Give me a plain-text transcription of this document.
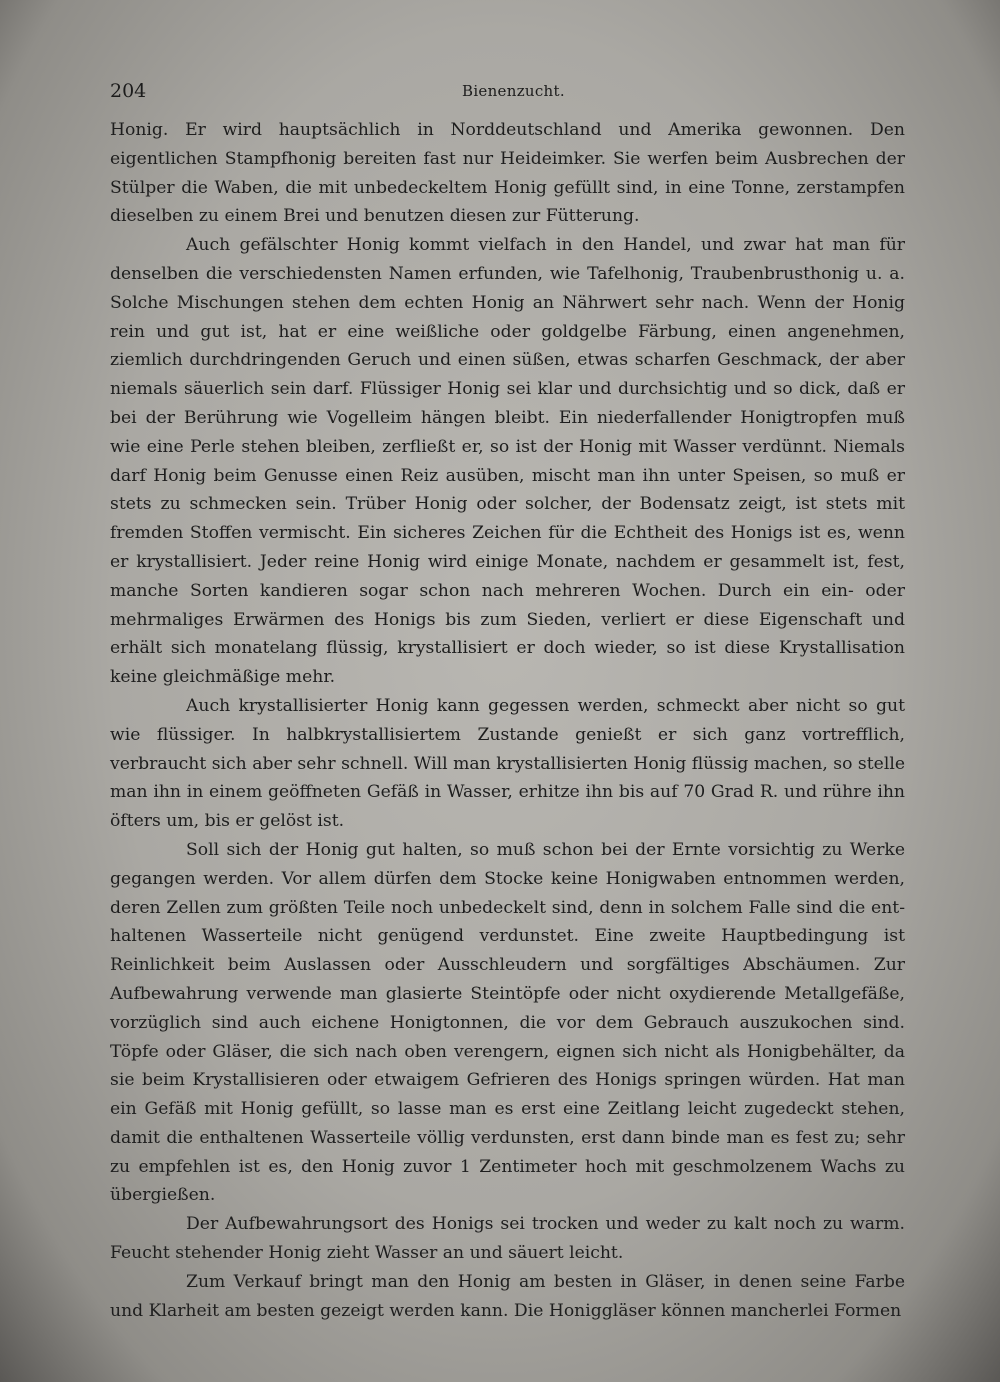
204	Bienenzucht.

Honig. Er wird hauptsächlich in Norddeutschland und Amerika gewonnen. Den eigentlichen Stampfhonig bereiten fast nur Heideimker. Sie werfen beim Ausbrechen der Stülper die Waben, die mit unbedeckeltem Honig gefüllt sind, in eine Tonne, zerstampfen dieselben zu einem Brei und benutzen diesen zur Fütterung.

Auch gefälschter Honig kommt vielfach in den Handel, und zwar hat man für denselben die verschiedensten Namen erfunden, wie Tafelhonig, Traubenbrusthonig u. a. Solche Mischungen stehen dem echten Honig an Nährwert sehr nach. Wenn der Honig rein und gut ist, hat er eine weißliche oder goldgelbe Färbung, einen angenehmen, ziemlich durchdringenden Geruch und einen süßen, etwas scharfen Geschmack, der aber niemals säuerlich sein darf. Flüssiger Honig sei klar und durchsichtig und so dick, daß er bei der Berührung wie Vogelleim hängen bleibt. Ein niederfallender Honigtropfen muß wie eine Perle stehen bleiben, zerfließt er, so ist der Honig mit Wasser verdünnt. Niemals darf Honig beim Genusse einen Reiz ausüben, mischt man ihn unter Speisen, so muß er stets zu schmecken sein. Trüber Honig oder solcher, der Bodensatz zeigt, ist stets mit fremden Stoffen vermischt. Ein sicheres Zeichen für die Echtheit des Honigs ist es, wenn er krystallisiert. Jeder reine Honig wird einige Monate, nachdem er gesammelt ist, fest, manche Sorten kandieren sogar schon nach mehreren Wochen. Durch ein ein- oder mehrmaliges Erwärmen des Honigs bis zum Sieden, verliert er diese Eigenschaft und erhält sich monatelang flüssig, krystallisiert er doch wieder, so ist diese Krystallisation keine gleichmäßige mehr.

Auch krystallisierter Honig kann gegessen werden, schmeckt aber nicht so gut wie flüssiger. In halbkrystallisiertem Zustande genießt er sich ganz vortrefflich, verbraucht sich aber sehr schnell. Will man krystallisierten Honig flüssig machen, so stelle man ihn in einem geöffneten Gefäß in Wasser, erhitze ihn bis auf 70 Grad R. und rühre ihn öfters um, bis er gelöst ist.

Soll sich der Honig gut halten, so muß schon bei der Ernte vorsichtig zu Werke gegangen werden. Vor allem dürfen dem Stocke keine Honigwaben entnommen werden, deren Zellen zum größten Teile noch unbedeckelt sind, denn in solchem Falle sind die enthaltenen Wasserteile nicht genügend verdunstet. Eine zweite Hauptbedingung ist Reinlichkeit beim Auslassen oder Ausschleudern und sorgfältiges Abschäumen. Zur Aufbewahrung verwende man glasierte Steintöpfe oder nicht oxydierende Metallgefäße, vorzüglich sind auch eichene Honigtonnen, die vor dem Gebrauch auszukochen sind. Töpfe oder Gläser, die sich nach oben verengern, eignen sich nicht als Honigbehälter, da sie beim Krystallisieren oder etwaigem Gefrieren des Honigs springen würden. Hat man ein Gefäß mit Honig gefüllt, so lasse man es erst eine Zeitlang leicht zugedeckt stehen, damit die enthaltenen Wasserteile völlig verdunsten, erst dann binde man es fest zu; sehr zu empfehlen ist es, den Honig zuvor 1 Zentimeter hoch mit geschmolzenem Wachs zu übergießen.

Der Aufbewahrungsort des Honigs sei trocken und weder zu kalt noch zu warm. Feucht stehender Honig zieht Wasser an und säuert leicht.

Zum Verkauf bringt man den Honig am besten in Gläser, in denen seine Farbe und Klarheit am besten gezeigt werden kann. Die Honiggläser können mancherlei Formen
